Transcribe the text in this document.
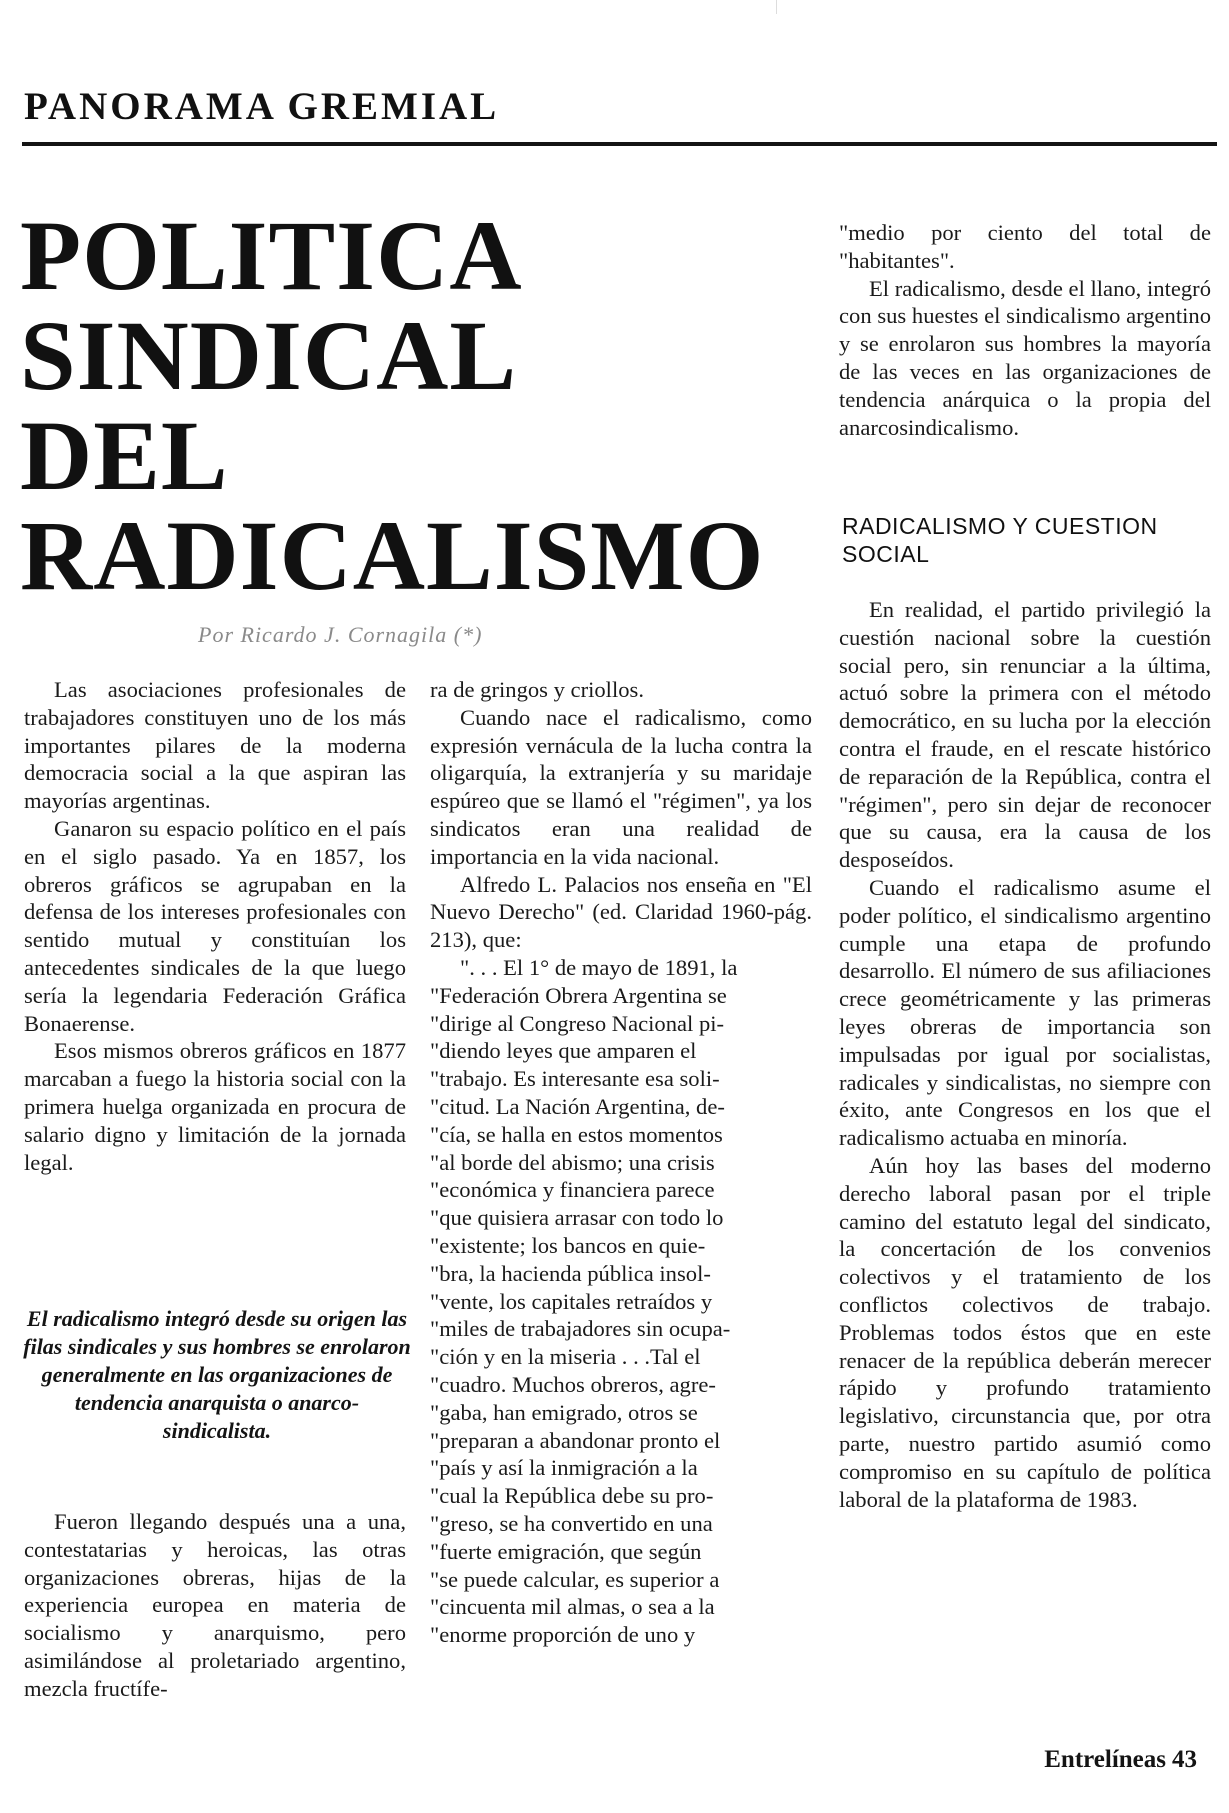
PANORAMA GREMIAL
POLITICA
SINDICAL
DEL
RADICALISMO
Por Ricardo J. Cornagila (*)

Las asociaciones profesionales de trabajadores constituyen uno de los más importantes pilares de la moderna democracia social a la que aspiran las mayorías argentinas.

Ganaron su espacio político en el país en el siglo pasado. Ya en 1857, los obreros gráficos se agrupaban en la defensa de los intereses profesionales con sentido mutual y constituían los antecedentes sindicales de la que luego sería la legendaria Federación Gráfica Bonaerense.

Esos mismos obreros gráficos en 1877 marcaban a fuego la historia social con la primera huelga organizada en procura de salario digno y limitación de la jornada legal.

El radicalismo integró desde su origen las filas sindicales y sus hombres se enrolaron generalmente en las organizaciones de tendencia anarquista o anarco-sindicalista.

Fueron llegando después una a una, contestatarias y heroicas, las otras organizaciones obreras, hijas de la experiencia europea en materia de socialismo y anarquismo, pero asimilándose al proletariado argentino, mezcla fructífe-

ra de gringos y criollos.

Cuando nace el radicalismo, como expresión vernácula de la lucha contra la oligarquía, la extranjería y su maridaje espúreo que se llamó el "régimen", ya los sindicatos eran una realidad de importancia en la vida nacional.

Alfredo L. Palacios nos enseña en "El Nuevo Derecho" (ed. Claridad 1960-pág. 213), que:

". . . El 1° de mayo de 1891, la
"Federación Obrera Argentina se
"dirige al Congreso Nacional pi-
"diendo leyes que amparen el
"trabajo. Es interesante esa soli-
"citud. La Nación Argentina, de-
"cía, se halla en estos momentos
"al borde del abismo; una crisis
"económica y financiera parece
"que quisiera arrasar con todo lo
"existente; los bancos en quie-
"bra, la hacienda pública insol-
"vente, los capitales retraídos y
"miles de trabajadores sin ocupa-
"ción y en la miseria . . .Tal el
"cuadro. Muchos obreros, agre-
"gaba, han emigrado, otros se
"preparan a abandonar pronto el
"país y así la inmigración a la
"cual la República debe su pro-
"greso, se ha convertido en una
"fuerte emigración, que según
"se puede calcular, es superior a
"cincuenta mil almas, o sea a la
"enorme proporción de uno y

"medio por ciento del total de "habitantes".

El radicalismo, desde el llano, integró con sus huestes el sindicalismo argentino y se enrolaron sus hombres la mayoría de las veces en las organizaciones de tendencia anárquica o la propia del anarcosindicalismo.

RADICALISMO Y CUESTION SOCIAL

En realidad, el partido privilegió la cuestión nacional sobre la cuestión social pero, sin renunciar a la última, actuó sobre la primera con el método democrático, en su lucha por la elección contra el fraude, en el rescate histórico de reparación de la República, contra el "régimen", pero sin dejar de reconocer que su causa, era la causa de los desposeídos.

Cuando el radicalismo asume el poder político, el sindicalismo argentino cumple una etapa de profundo desarrollo. El número de sus afiliaciones crece geométricamente y las primeras leyes obreras de importancia son impulsadas por igual por socialistas, radicales y sindicalistas, no siempre con éxito, ante Congresos en los que el radicalismo actuaba en minoría.

Aún hoy las bases del moderno derecho laboral pasan por el triple camino del estatuto legal del sindicato, la concertación de los convenios colectivos y el tratamiento de los conflictos colectivos de trabajo. Problemas todos éstos que en este renacer de la república deberán merecer rápido y profundo tratamiento legislativo, circunstancia que, por otra parte, nuestro partido asumió como compromiso en su capítulo de política laboral de la plataforma de 1983.

Entrelíneas 43
